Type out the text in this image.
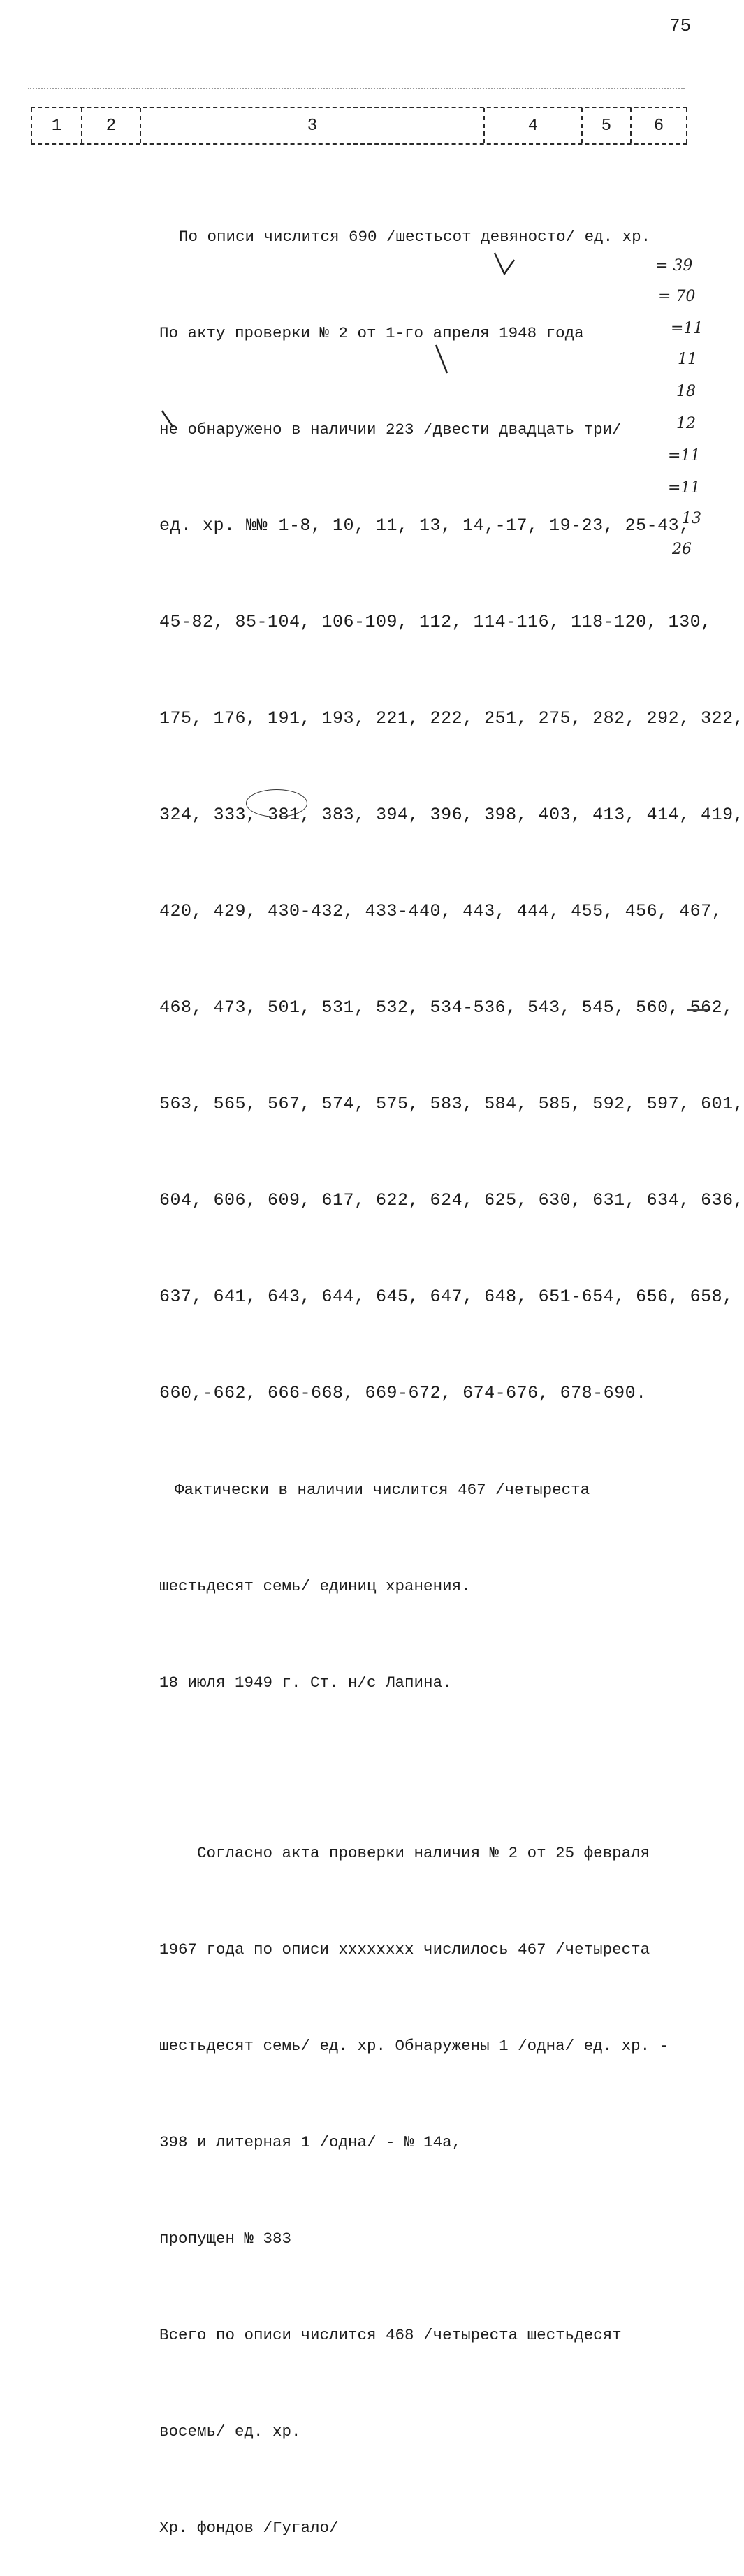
75
1	2	3	4	5	6

По описи числится 690 /шестьсот девяносто/ ед. хр.

По акту проверки № 2 от 1-го апреля 1948 года

не обнаружено в наличии 223 /двести двадцать три/

ед. хр. №№ 1-8, 10, 11, 13, 14,-17, 19-23, 25-43,

45-82, 85-104, 106-109, 112, 114-116, 118-120, 130,

175, 176, 191, 193, 221, 222, 251, 275, 282, 292, 322,

324, 333, 381, 383, 394, 396, 398, 403, 413, 414, 419,

420, 429, 430-432, 433-440, 443, 444, 455, 456, 467,

468, 473, 501, 531, 532, 534-536, 543, 545, 560, 562,

563, 565, 567, 574, 575, 583, 584, 585, 592, 597, 601,

604, 606, 609, 617, 622, 624, 625, 630, 631, 634, 636,

637, 641, 643, 644, 645, 647, 648, 651-654, 656, 658,

660,-662, 666-668, 669-672, 674-676, 678-690.

Фактически в наличии числится 467 /четыреста

шестьдесят семь/ единиц хранения.

18 июля 1949 г. Ст. н/с Лапина.

Согласно акта проверки наличия № 2 от 25 февраля

1967 года по описи xxxxxxxx числилось 467 /четыреста

шестьдесят семь/ ед. хр. Обнаружены 1 /одна/ ед. хр. -

398 и литерная 1 /одна/ - № 14а,

пропущен № 383

Всего по описи числится 468 /четыреста шестьдесят

восемь/ ед. хр.

Хр. фондов /Гугало/

= 39
= 70
=11
11
18
12
=11
=11
13
26
